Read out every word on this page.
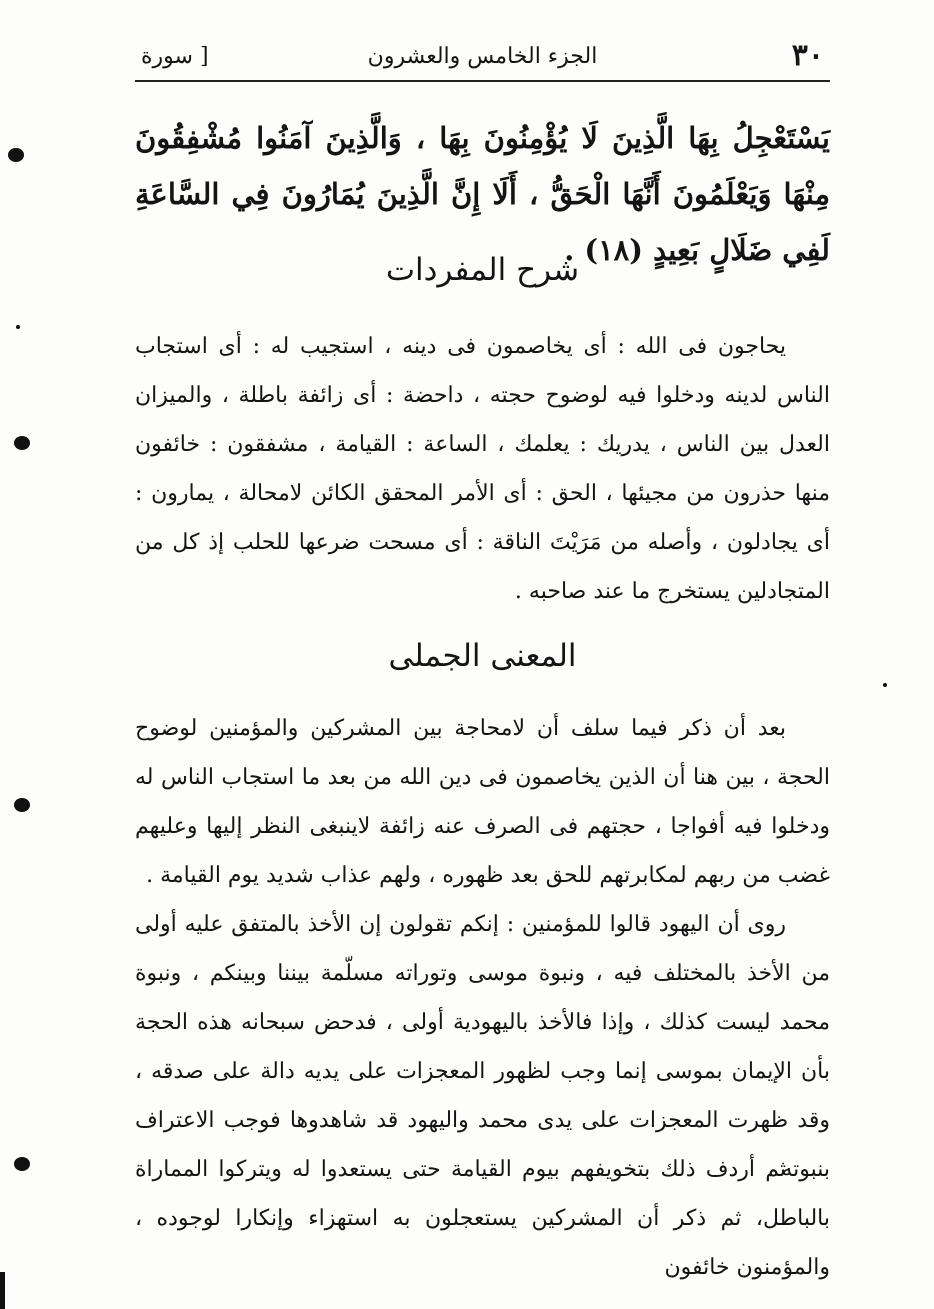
٣٠
الجزء الخامس والعشرون
[ سورة
يَسْتَعْجِلُ بِهَا الَّذِينَ لَا يُؤْمِنُونَ بِهَا ، وَالَّذِينَ آمَنُوا مُشْفِقُونَ مِنْهَا وَيَعْلَمُونَ أَنَّهَا الْحَقُّ ، أَلَا إِنَّ الَّذِينَ يُمَارُونَ فِي السَّاعَةِ لَفِي ضَلَالٍ بَعِيدٍ (١٨) .
شرح المفردات
يحاجون فى الله : أى يخاصمون فى دينه ، استجيب له : أى استجاب الناس لدينه ودخلوا فيه لوضوح حجته ، داحضة : أى زائفة باطلة ، والميزان العدل بين الناس ، يدريك : يعلمك ، الساعة : القيامة ، مشفقون : خائفون منها حذرون من مجيئها ، الحق : أى الأمر المحقق الكائن لامحالة ، يمارون : أى يجادلون ، وأصله من مَرَيْتَ الناقة : أى مسحت ضرعها للحلب إذ كل من المتجادلين يستخرج ما عند صاحبه .
المعنى الجملى
بعد أن ذكر فيما سلف أن لامحاجة بين المشركين والمؤمنين لوضوح الحجة ، بين هنا أن الذين يخاصمون فى دين الله من بعد ما استجاب الناس له ودخلوا فيه أفواجا ، حجتهم فى الصرف عنه زائفة لاينبغى النظر إليها وعليهم غضب من ربهم لمكابرتهم للحق بعد ظهوره ، ولهم عذاب شديد يوم القيامة .
روى أن اليهود قالوا للمؤمنين : إنكم تقولون إن الأخذ بالمتفق عليه أولى من الأخذ بالمختلف فيه ، ونبوة موسى وتوراته مسلّمة بيننا وبينكم ، ونبوة محمد ليست كذلك ، وإذا فالأخذ باليهودية أولى ، فدحض سبحانه هذه الحجة بأن الإيمان بموسى إنما وجب لظهور المعجزات على يديه دالة على صدقه ، وقد ظهرت المعجزات على يدى محمد واليهود قد شاهدوها فوجب الاعتراف بنبوته .
ثم أردف ذلك بتخويفهم بيوم القيامة حتى يستعدوا له ويتركوا المماراة بالباطل، ثم ذكر أن المشركين يستعجلون به استهزاء وإنكارا لوجوده ، والمؤمنون خائفون
